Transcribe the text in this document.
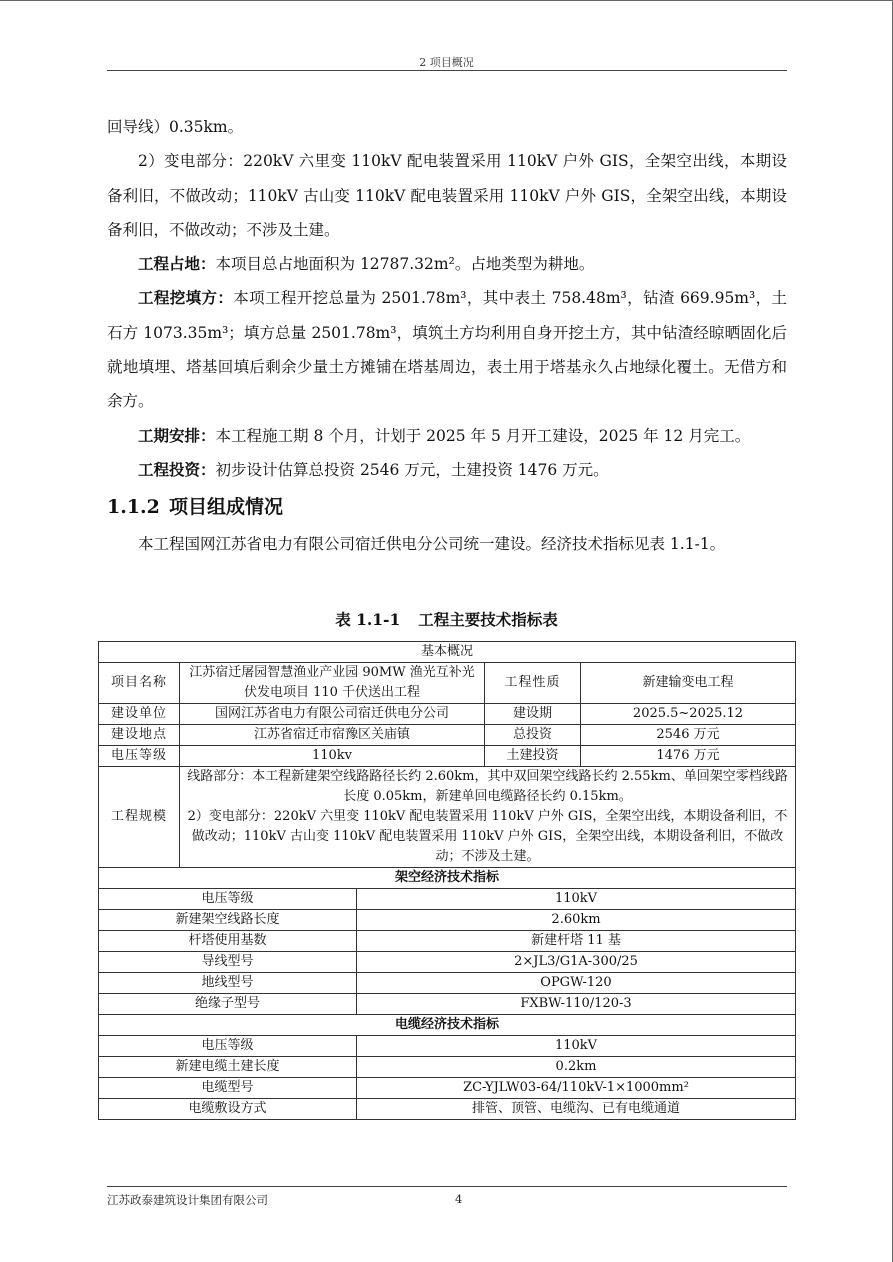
2 项目概况

回导线）0.35km。

2）变电部分：220kV 六里变 110kV 配电装置采用 110kV 户外 GIS，全架空出线，本期设备利旧，不做改动；110kV 古山变 110kV 配电装置采用 110kV 户外 GIS，全架空出线，本期设备利旧，不做改动；不涉及土建。

工程占地：本项目总占地面积为 12787.32m²。占地类型为耕地。

工程挖填方：本项工程开挖总量为 2501.78m³，其中表土 758.48m³，钻渣 669.95m³，土石方 1073.35m³；填方总量 2501.78m³，填筑土方均利用自身开挖土方，其中钻渣经晾晒固化后就地填埋、塔基回填后剩余少量土方摊铺在塔基周边，表土用于塔基永久占地绿化覆土。无借方和余方。

工期安排：本工程施工期 8 个月，计划于 2025 年 5 月开工建设，2025 年 12 月完工。

工程投资：初步设计估算总投资 2546 万元，土建投资 1476 万元。

1.1.2 项目组成情况

本工程国网江苏省电力有限公司宿迁供电分公司统一建设。经济技术指标见表 1.1-1。

表 1.1-1 工程主要技术指标表
基本概况				
项目名称	江苏宿迁屠园智慧渔业产业园 90MW 渔光互补光伏发电项目 110 千伏送出工程		工程性质	新建输变电工程
建设单位	国网江苏省电力有限公司宿迁供电分公司		建设期	2025.5~2025.12
建设地点	江苏省宿迁市宿豫区关庙镇		总投资	2546 万元
电压等级	110kv		土建投资	1476 万元
工程规模	线路部分：本工程新建架空线路路径长约 2.60km，其中双回架空线路长约 2.55km、单回架空零档线路长度 0.05km，新建单回电缆路径长约 0.15km。
2）变电部分：220kV 六里变 110kV 配电装置采用 110kV 户外 GIS，全架空出线，本期设备利旧，不做改动；110kV 古山变 110kV 配电装置采用 110kV 户外 GIS，全架空出线，本期设备利旧，不做改动；不涉及土建。			

架空经济技术指标				
电压等级		110kV		
新建架空线路长度		2.60km		
杆塔使用基数		新建杆塔 11 基		
导线型号		2×JL3/G1A-300/25		
地线型号		OPGW-120		
绝缘子型号		FXBW-110/120-3		
电缆经济技术指标				
电压等级		110kV		
新建电缆土建长度		0.2km		
电缆型号		ZC-YJLW03-64/110kV-1×1000mm²		
电缆敷设方式		排管、顶管、电缆沟、已有电缆通道		
江苏政泰建筑设计集团有限公司	4
